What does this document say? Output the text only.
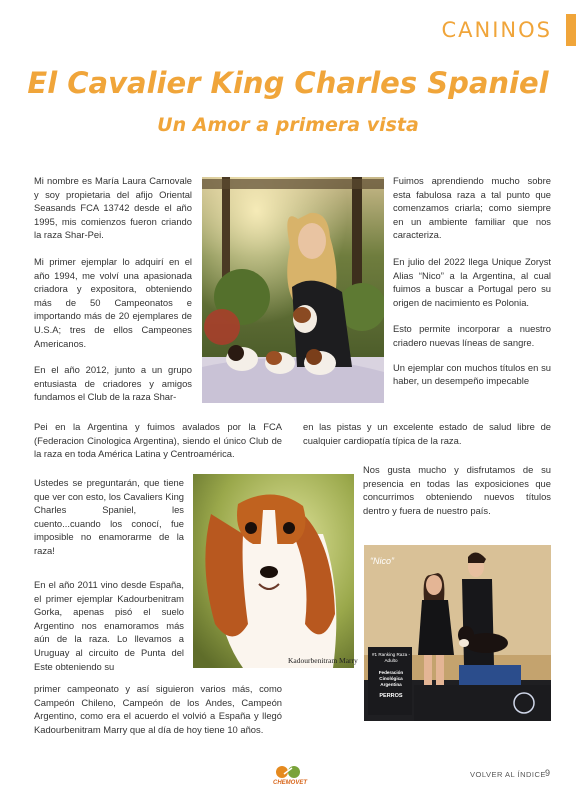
CANINOS
El Cavalier King Charles Spaniel
Un Amor a primera vista

Mi nombre es María Laura Carnovale y soy propietaria del afijo Oriental Seasands FCA 13742 desde el año 1995, mis comienzos fueron criando la raza Shar-Pei.

Mi primer ejemplar lo adquirí en el año 1994, me volví una apasionada criadora y expositora, obteniendo más de 50 Campeonatos e importando más de 20 ejemplares de U.S.A; tres de ellos Campeones Americanos.

En el año 2012, junto a un grupo entusiasta de criadores y amigos fundamos el Club de la raza Shar-

Pei en la Argentina y fuimos avalados por la FCA (Federacion Cinologica Argentina), siendo el único Club de la raza en toda América Latina y Centroamérica.
Ustedes se preguntarán, que tiene que ver con esto, los Cavaliers King Charles Spaniel, les cuento...cuando los conocí, fue imposible no enamorarme de la raza!
En el año 2011 vino desde España, el primer ejemplar Kadourbenitram Gorka, apenas pisó el suelo Argentino nos enamoramos más aún de la raza. Lo llevamos a Uruguay al circuito de Punta del Este obteniendo su
primer campeonato y así siguieron varios más, como Campeón Chileno, Campeón de los Andes, Campeón Argentino, como era el acuerdo el volvió a España y llegó Kadourbenitram Marry que al día de hoy tiene 10 años.

Fuimos aprendiendo mucho sobre esta fabulosa raza a tal punto que comenzamos criarla; como siempre en un ambiente familiar que nos caracteriza.

En julio del 2022 llega Unique Zoryst Alias “Nico” a la Argentina, al cual fuimos a buscar a Portugal pero su origen de nacimiento es Polonia.

Esto permite incorporar a nuestro criadero nuevas líneas de sangre.

Un ejemplar con muchos títulos en su haber, un desempeño impecable

en las pistas y un excelente estado de salud libre de cualquier cardiopatía típica de la raza.
Nos gusta mucho y disfrutamos de su presencia en todas las exposiciones que concurrimos obteniendo nuevos títulos dentro y fuera de nuestro país.
Kadourbenitram Marry
“Nico”
#1 Ranking Raza - Adulto
Federación Cinológica Argentina
PERROS
CHEMOVET
VOLVER AL ÍNDICE 9
